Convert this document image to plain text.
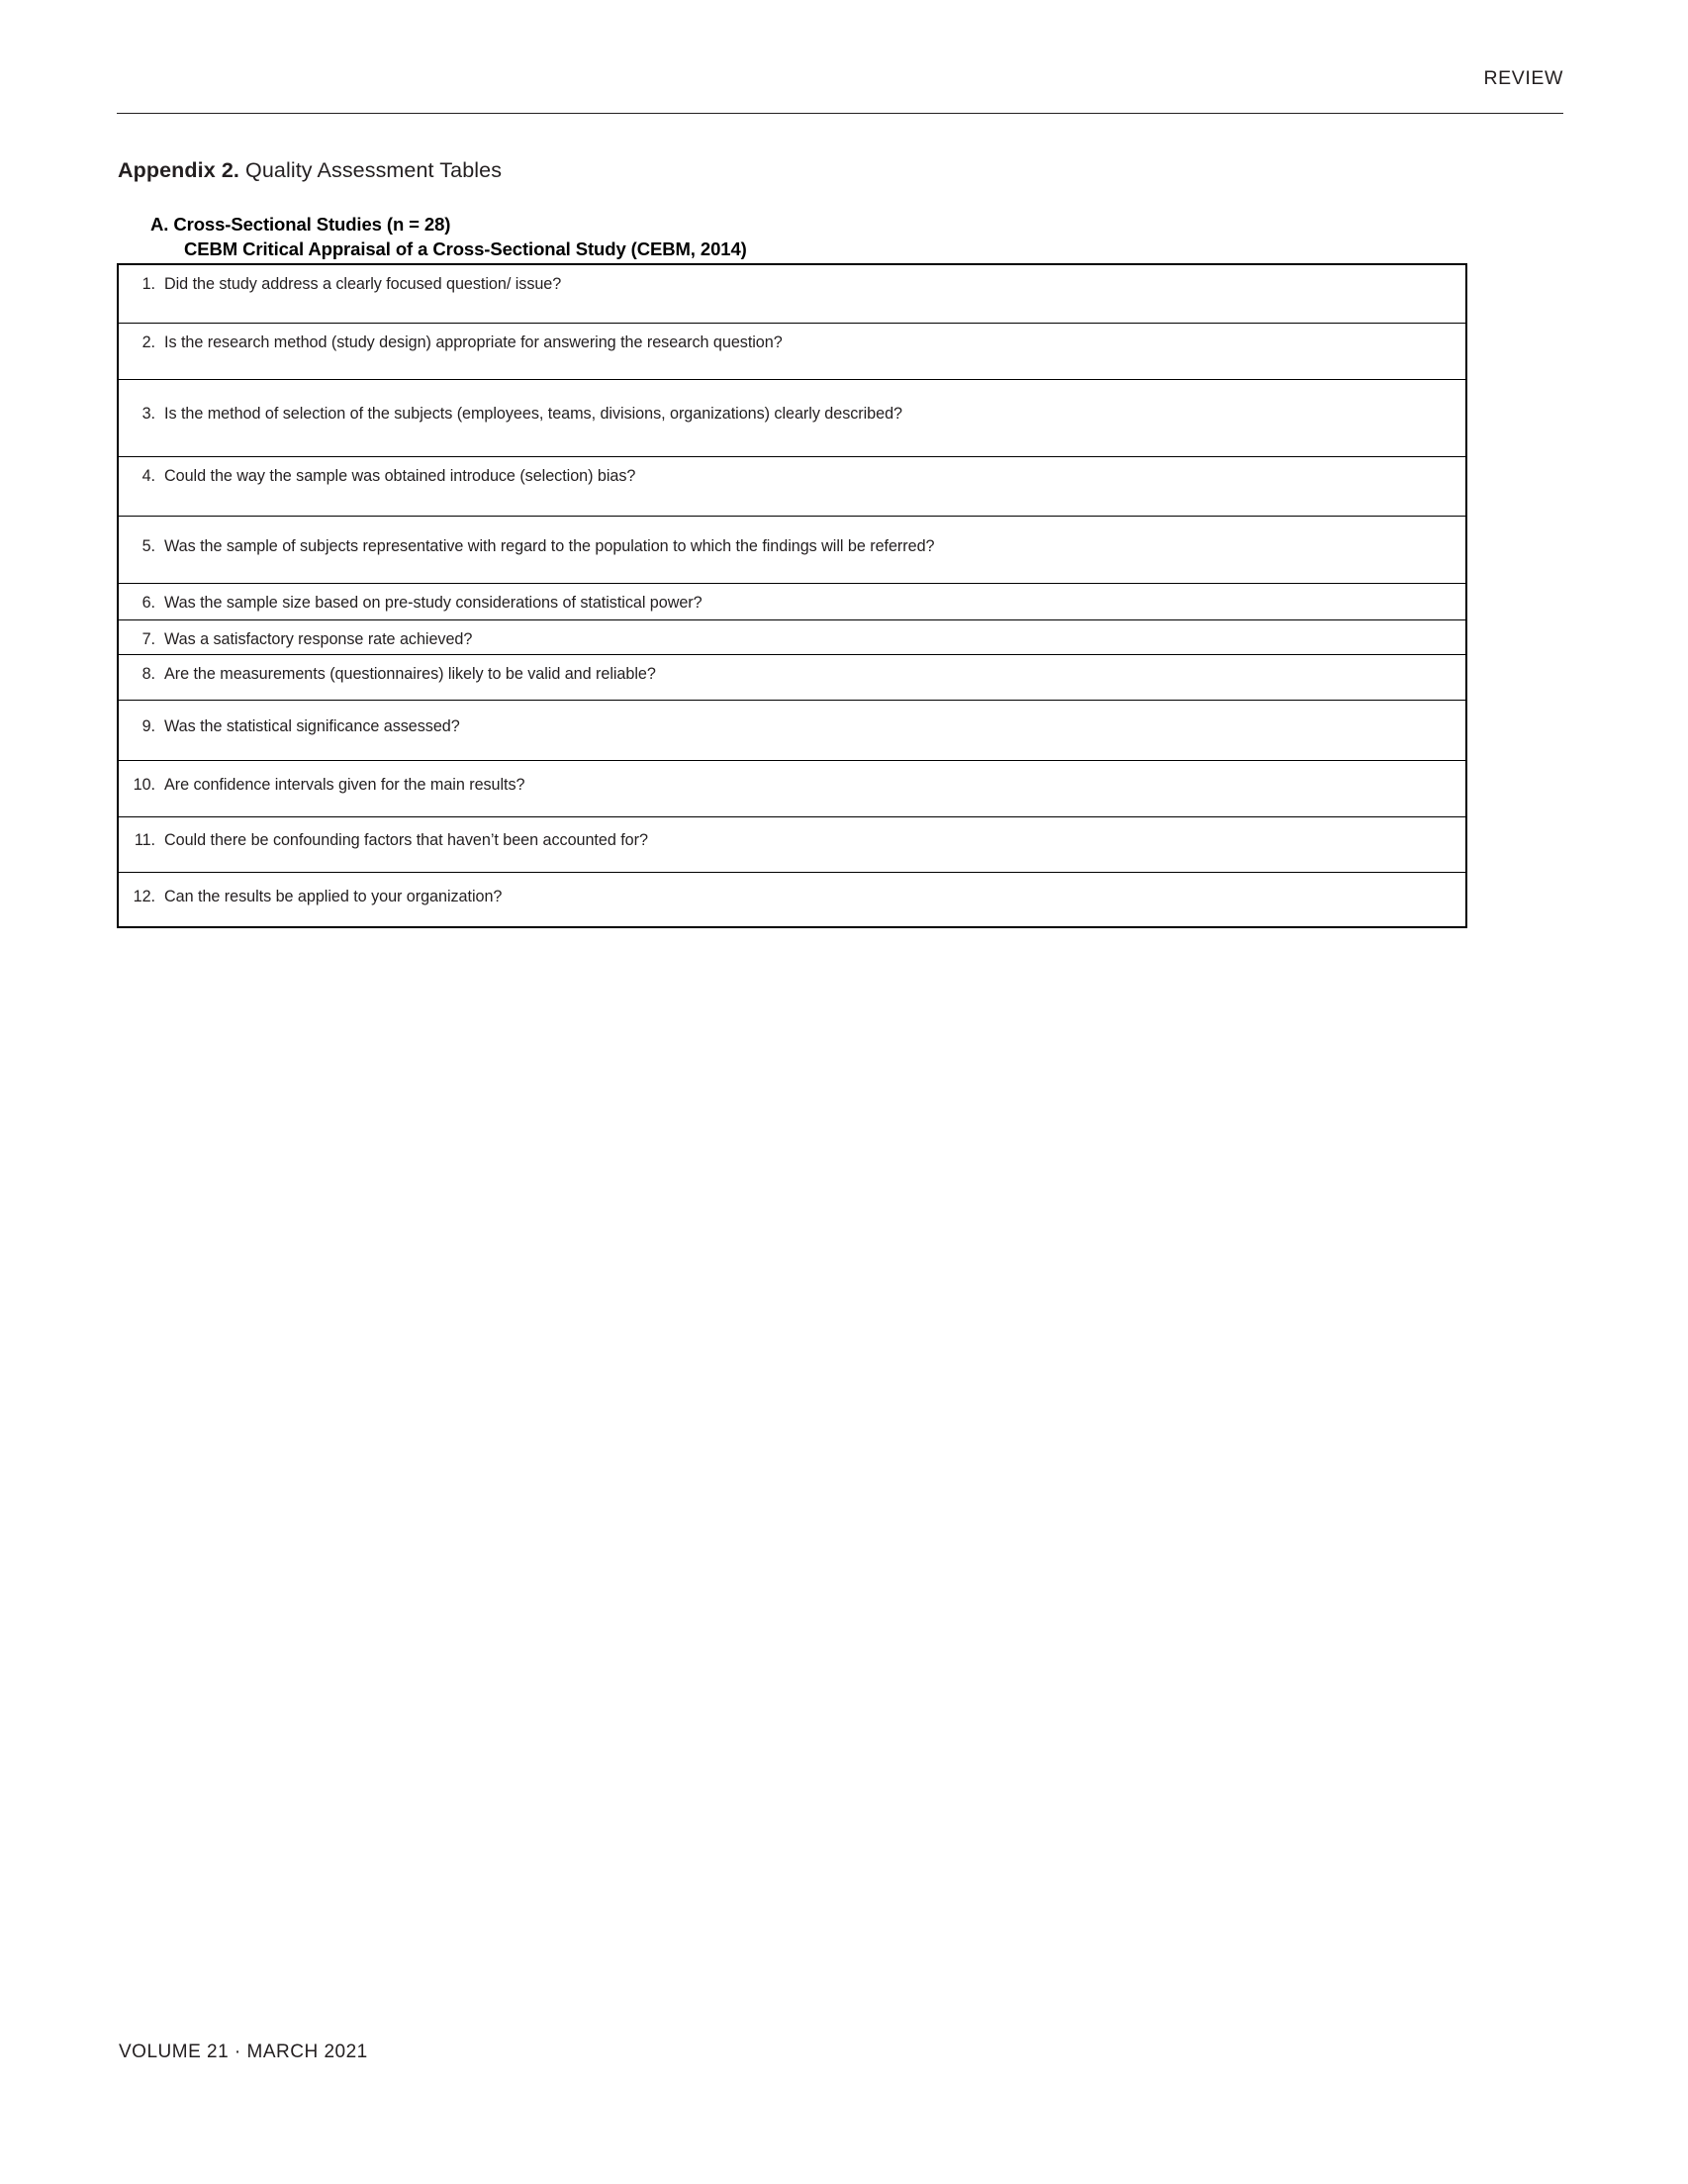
REVIEW
Appendix 2. Quality Assessment Tables
A. Cross-Sectional Studies (n = 28)
CEBM Critical Appraisal of a Cross-Sectional Study (CEBM, 2014)
1. Did the study address a clearly focused question/ issue?
2. Is the research method (study design) appropriate for answering the research question?
3. Is the method of selection of the subjects (employees, teams, divisions, organizations) clearly described?
4. Could the way the sample was obtained introduce (selection) bias?
5. Was the sample of subjects representative with regard to the population to which the findings will be referred?
6. Was the sample size based on pre-study considerations of statistical power?
7. Was a satisfactory response rate achieved?
8. Are the measurements (questionnaires) likely to be valid and reliable?
9. Was the statistical significance assessed?
10. Are confidence intervals given for the main results?
11. Could there be confounding factors that haven’t been accounted for?
12. Can the results be applied to your organization?
VOLUME 21 · MARCH 2021
